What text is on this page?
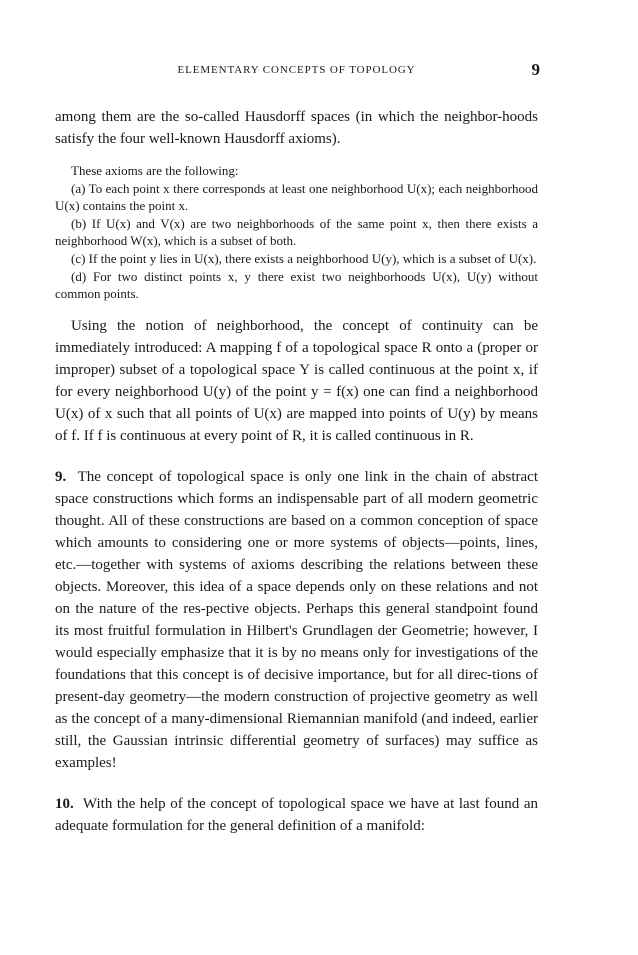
ELEMENTARY CONCEPTS OF TOPOLOGY	9

among them are the so-called Hausdorff spaces (in which the neighbor-hoods satisfy the four well-known Hausdorff axioms).

These axioms are the following:

(a) To each point x there corresponds at least one neighborhood U(x); each neighborhood U(x) contains the point x.

(b) If U(x) and V(x) are two neighborhoods of the same point x, then there exists a neighborhood W(x), which is a subset of both.

(c) If the point y lies in U(x), there exists a neighborhood U(y), which is a subset of U(x).

(d) For two distinct points x, y there exist two neighborhoods U(x), U(y) without common points.

Using the notion of neighborhood, the concept of continuity can be immediately introduced: A mapping f of a topological space R onto a (proper or improper) subset of a topological space Y is called continuous at the point x, if for every neighborhood U(y) of the point y = f(x) one can find a neighborhood U(x) of x such that all points of U(x) are mapped into points of U(y) by means of f. If f is continuous at every point of R, it is called continuous in R.

9. The concept of topological space is only one link in the chain of abstract space constructions which forms an indispensable part of all modern geometric thought. All of these constructions are based on a common conception of space which amounts to considering one or more systems of objects—points, lines, etc.—together with systems of axioms describing the relations between these objects. Moreover, this idea of a space depends only on these relations and not on the nature of the res-pective objects. Perhaps this general standpoint found its most fruitful formulation in Hilbert's Grundlagen der Geometrie; however, I would especially emphasize that it is by no means only for investigations of the foundations that this concept is of decisive importance, but for all direc-tions of present-day geometry—the modern construction of projective geometry as well as the concept of a many-dimensional Riemannian manifold (and indeed, earlier still, the Gaussian intrinsic differential geometry of surfaces) may suffice as examples!

10. With the help of the concept of topological space we have at last found an adequate formulation for the general definition of a manifold:
